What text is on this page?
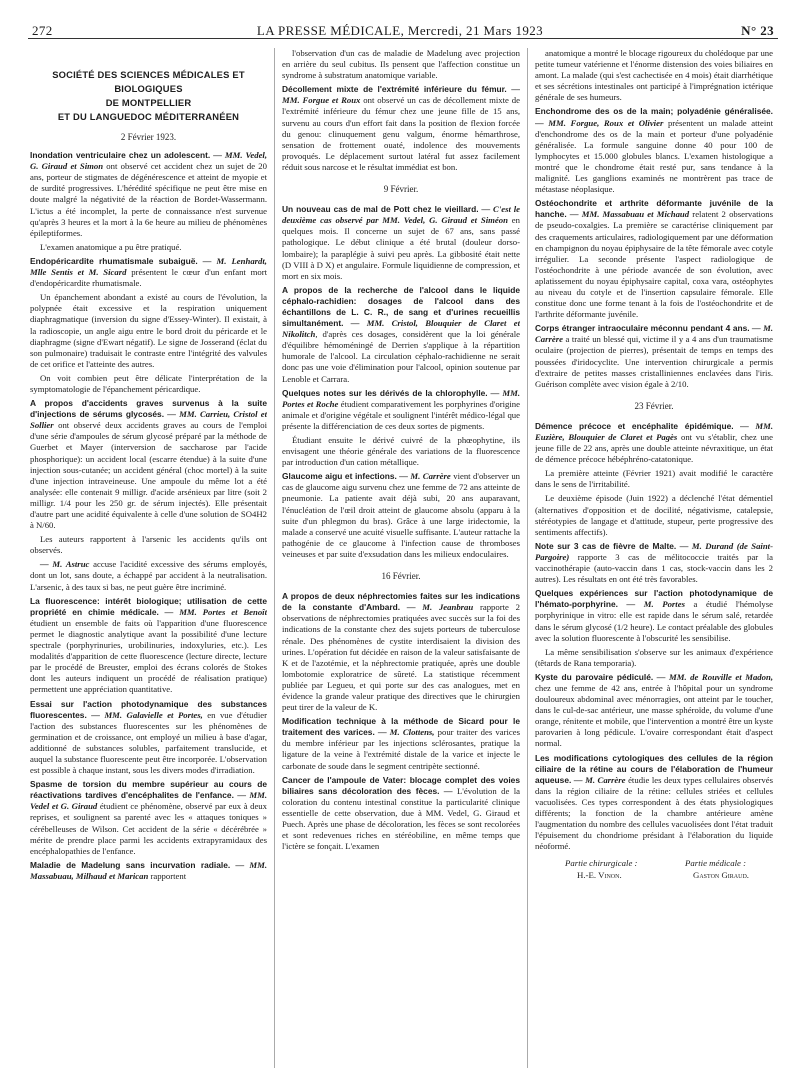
272	LA PRESSE MÉDICALE, Mercredi, 21 Mars 1923	N° 23
SOCIÉTÉ DES SCIENCES MÉDICALES ET BIOLOGIQUES
DE MONTPELLIER
ET DU LANGUEDOC MÉDITERRANÉEN
2 Février 1923.
Inondation ventriculaire chez un adolescent. — MM. Vedel, G. Giraud et Simon ont observé cet accident chez un sujet de 20 ans, porteur de stigmates de dégénérescence et atteint de myopie et de surdité progressives. L'hérédité spécifique ne peut être mise en doute malgré la négativité de la réaction de Bordet-Wassermann. L'ictus a été incomplet, la perte de connaissance n'est survenue qu'après 3 heures et la mort à la 6e heure au milieu de phénomènes épileptiformes.
L'examen anatomique a pu être pratiqué.
Endopéricardite rhumatismale subaiguë. — M. Lenhardt, Mlle Sentis et M. Sicard présentent le cœur d'un enfant mort d'endopéricardite rhumatismale.
Un épanchement abondant a existé au cours de l'évolution, la polypnée était excessive et la respiration uniquement diaphragmatique (inversion du signe d'Essey-Winter). Il existait, à la radioscopie, un angle aigu entre le bord droit du péricarde et le diaphragme (signe d'Ewart négatif). Le signe de Josserand (éclat du son pulmonaire) traduisait le contraste entre l'intégrité des valvules de cet orifice et l'atteinte des autres.
On voit combien peut être délicate l'interprétation de la symptomatologie de l'épanchement péricardique.
A propos d'accidents graves survenus à la suite d'injections de sérums glycosés. — MM. Carrieu, Cristol et Sollier ont observé deux accidents graves au cours de l'emploi d'une série d'ampoules de sérum glycosé préparé par la méthode de Guerbet et Mayer (interversion de saccharose par l'acide phosphorique): un accident local (escarre étendue) à la suite d'une injection sous-cutanée; un accident général (choc mortel) à la suite d'une injection intraveineuse. Une ampoule du même lot a été analysée: elle contenait 9 milligr. d'acide arsénieux par litre (soit 2 milligr. 1/4 pour les 250 gr. de sérum injectés). Elle présentait d'autre part une acidité équivalente à celle d'une solution de SO4H2 à N/60.
Les auteurs rapportent à l'arsenic les accidents qu'ils ont observés.
— M. Astruc accuse l'acidité excessive des sérums employés, dont un lot, sans doute, a échappé par accident à la neutralisation. L'arsenic, à des taux si bas, ne peut guère être incriminé.
La fluorescence: intérêt biologique; utilisation de cette propriété en chimie médicale. — MM. Portes et Benoît étudient un ensemble de faits où l'apparition d'une fluorescence permet le diagnostic analytique avant la possibilité d'une lecture spectrale (porphyrinuries, urobilinuries, indoxyluries, etc.). Les modalités d'apparition de cette fluorescence (lecture directe, lecture par le procédé de Breuster, emploi des écrans colorés de Stokes dont les auteurs indiquent un procédé de réalisation pratique) permettent une appréciation quantitative.
Essai sur l'action photodynamique des substances fluorescentes. — MM. Galavielle et Portes, en vue d'étudier l'action des substances fluorescentes sur les phénomènes de germination et de croissance, ont employé un milieu à base d'agar, additionné de substances solubles, parfaitement translucide, et auquel la substance fluorescente peut être incorporée. L'observation est possible à chaque instant, sous les divers modes d'irradiation.
Spasme de torsion du membre supérieur au cours de réactivations tardives d'encéphalites de l'enfance. — MM. Vedel et G. Giraud étudient ce phénomène, observé par eux à deux reprises, et soulignent sa parenté avec les « attaques toniques » cérébelleuses de Wilson. Cet accident de la série « décérébrée » mérite de prendre place parmi les accidents extrapyramidaux des encéphalopathies de l'enfance.
Maladie de Madelung sans incurvation radiale. — MM. Massabuau, Milhaud et Marican rapportent
l'observation d'un cas de maladie de Madelung avec projection en arrière du seul cubitus. Ils pensent que l'affection constitue un syndrome à substratum anatomique variable.
Décollement mixte de l'extrémité inférieure du fémur. — MM. Forgue et Roux ont observé un cas de décollement mixte de l'extrémité inférieure du fémur chez une jeune fille de 15 ans, survenu au cours d'un effort fait dans la position de flexion forcée du genou: clinuquement genu valgum, énorme hémarthrose, sensation de frottement ouaté, indolence des mouvements provoqués. Le déplacement surtout latéral fut assez facilement réduit sous narcose et le résultat immédiat est bon.
9 Février.
Un nouveau cas de mal de Pott chez le vieillard. — C'est le deuxième cas observé par MM. Vedel, G. Giraud et Siméon en quelques mois. Il concerne un sujet de 67 ans, sans passé pathologique. Le début clinique a été brutal (douleur dorso-lombaire); la paraplégie à suivi peu après. La gibbosité était nette (D VIII à D X) et angulaire. Formule liquidienne de compression, et mort en six mois.
A propos de la recherche de l'alcool dans le liquide céphalo-rachidien: dosages de l'alcool dans des échantillons de L. C. R., de sang et d'urines recueillis simultanément. — MM. Cristol, Blouquier de Claret et Nikolitch, d'après ces dosages, considèrent que la loi générale d'équilibre hémoméningé de Derrien s'applique à la répartition humorale de l'alcool. La circulation céphalo-rachidienne ne serait donc pas une voie d'élimination pour l'alcool, opinion soutenue par Lenoble et Carrara.
Quelques notes sur les dérivés de la chlorophylle. — MM. Portes et Roche étudient comparativement les porphyrines d'origine animale et d'origine végétale et soulignent l'intérêt médico-légal que présente la différenciation de ces deux sortes de pigments.
Étudiant ensuite le dérivé cuivré de la phœophytine, ils envisagent une théorie générale des variations de la fluorescence par introduction d'un cation métallique.
Glaucome aigu et infections. — M. Carrère vient d'observer un cas de glaucome aigu survenu chez une femme de 72 ans atteinte de pneumonie. La patiente avait déjà subi, 20 ans auparavant, l'énucléation de l'œil droit atteint de glaucome absolu (apparu à la suite d'un phlegmon du bras). Grâce à une large iridectomie, la malade a conservé une acuité visuelle suffisante. L'auteur rattache la pathogénie de ce glaucome à l'infection cause de thromboses veineuses et par suite d'exsudation dans les milieux endoculaires.
16 Février.
A propos de deux néphrectomies faites sur les indications de la constante d'Ambard. — M. Jeanbrau rapporte 2 observations de néphrectomies pratiquées avec succès sur la foi des indications de la constante chez des sujets porteurs de tuberculose rénale. Des phénomènes de cystite interdisaient la division des urines. L'opération fut décidée en raison de la valeur satisfaisante de K et de l'azotémie, et la néphrectomie pratiquée, après une double lombotomie exploratrice de sûreté. La statistique récemment publiée par Legueu, et qui porte sur des cas analogues, met en évidence la grande valeur pratique des directives que le chirurgien peut tirer de la valeur de K.
Modification technique à la méthode de Sicard pour le traitement des varices. — M. Clottens, pour traiter des varices du membre inférieur par les injections sclérosantes, pratique la ligature de la veine à l'extrémité distale de la varice et injecte le carbonate de soude dans le segment centripète sectionné.
Cancer de l'ampoule de Vater: blocage complet des voies biliaires sans décoloration des fèces. — L'évolution de la coloration du contenu intestinal constitue la particularité clinique essentielle de cette observation, due à MM. Vedel, G. Giraud et Puech. Après une phase de décoloration, les fèces se sont recolorées et sont redevenues riches en stéréobiline, en même temps que l'ictère se fonçait. L'examen
anatomique a montré le blocage rigoureux du cholédoque par une petite tumeur vatérienne et l'énorme distension des voies biliaires en amont. La malade (qui s'est cachectisée en 4 mois) était diarrhétique et ses sécrétions intestinales ont participé à l'imprégnation ictérique générale de ses humeurs.
Enchondrome des os de la main; polyadénie généralisée. — MM. Forgue, Roux et Olivier présentent un malade atteint d'enchondrome des os de la main et porteur d'une polyadénie généralisée. La formule sanguine donne 40 pour 100 de lymphocytes et 15.000 globules blancs. L'examen histologique a montré que le chondrome était resté pur, sans tendance à la malignité. Les ganglions examinés ne montrèrent pas trace de métastase néoplasique.
Ostéochondrite et arthrite déformante juvénile de la hanche. — MM. Massabuau et Michaud relatent 2 observations de pseudo-coxalgies. La première se caractérise cliniquement par des craquements articulaires, radiologiquement par une déformation en champignon du noyau épiphysaire de la tête fémorale avec cotyle irrégulier. La seconde présente l'aspect radiologique de l'ostéochondrite à une période avancée de son évolution, avec aplatissement du noyau épiphysaire capital, coxa vara, ostéophytes au niveau du cotyle et de l'insertion capsulaire fémorale. Elle constitue donc une forme tenant à la fois de l'ostéochondrite et de l'arthrite déformante juvénile.
Corps étranger intraoculaire méconnu pendant 4 ans. — M. Carrère a traité un blessé qui, victime il y a 4 ans d'un traumatisme oculaire (projection de pierres), présentait de temps en temps des poussées d'iridocyclite. Une intervention chirurgicale a permis d'extraire de petites masses cristalliniennes enclavées dans l'iris. Guérison complète avec vision égale à 2/10.
23 Février.
Démence précoce et encéphalite épidémique. — MM. Euzière, Blouquier de Claret et Pagès ont vu s'établir, chez une jeune fille de 22 ans, après une double atteinte névraxitique, un état de démence précoce hébéphréno-catatonique.
La première atteinte (Février 1921) avait modifié le caractère dans le sens de l'irritabilité.
Le deuxième épisode (Juin 1922) a déclenché l'état démentiel (alternatives d'opposition et de docilité, négativisme, catalepsie, stéréotypies de langage et d'attitude, stupeur, perte progressive des sentiments affectifs).
Note sur 3 cas de fièvre de Malte. — M. Durand (de Saint-Pargoire) rapporte 3 cas de mélitococcie traités par la vaccinothérapie (auto-vaccin dans 1 cas, stock-vaccin dans les 2 autres). Les résultats en ont été très favorables.
Quelques expériences sur l'action photodynamique de l'hémato-porphyrine. — M. Portes a étudié l'hémolyse porphyrinique in vitro: elle est rapide dans le sérum salé, retardée dans le sérum glycosé (1/2 heure). Le contact préalable des globules avec la solution fluorescente à l'obscurité les sensibilise.
La même sensibilisation s'observe sur les animaux d'expérience (têtards de Rana temporaria).
Kyste du parovaire pédiculé. — MM. de Rouville et Madon, chez une femme de 42 ans, entrée à l'hôpital pour un syndrome douloureux abdominal avec ménorragies, ont atteint par le toucher, dans le cul-de-sac antérieur, une masse sphéroïde, du volume d'une orange, rénitente et mobile, que l'intervention a montré être un kyste parovarien à long pédicule. L'ovaire correspondant était d'aspect normal.
Les modifications cytologiques des cellules de la région ciliaire de la rétine au cours de l'élaboration de l'humeur aqueuse. — M. Carrère étudie les deux types cellulaires observés dans la région ciliaire de la rétine: cellules striées et cellules vacuolisées. Ces types correspondent à des états physiologiques différents; la fonction de la chambre antérieure amène l'augmentation du nombre des cellules vacuolisées dont l'état traduit l'épuisement du chondriome présidant à l'élaboration du liquide néoformé.
Partie chirurgicale :	Partie médicale :
H.-E. Vinon.	Gaston Giraud.
